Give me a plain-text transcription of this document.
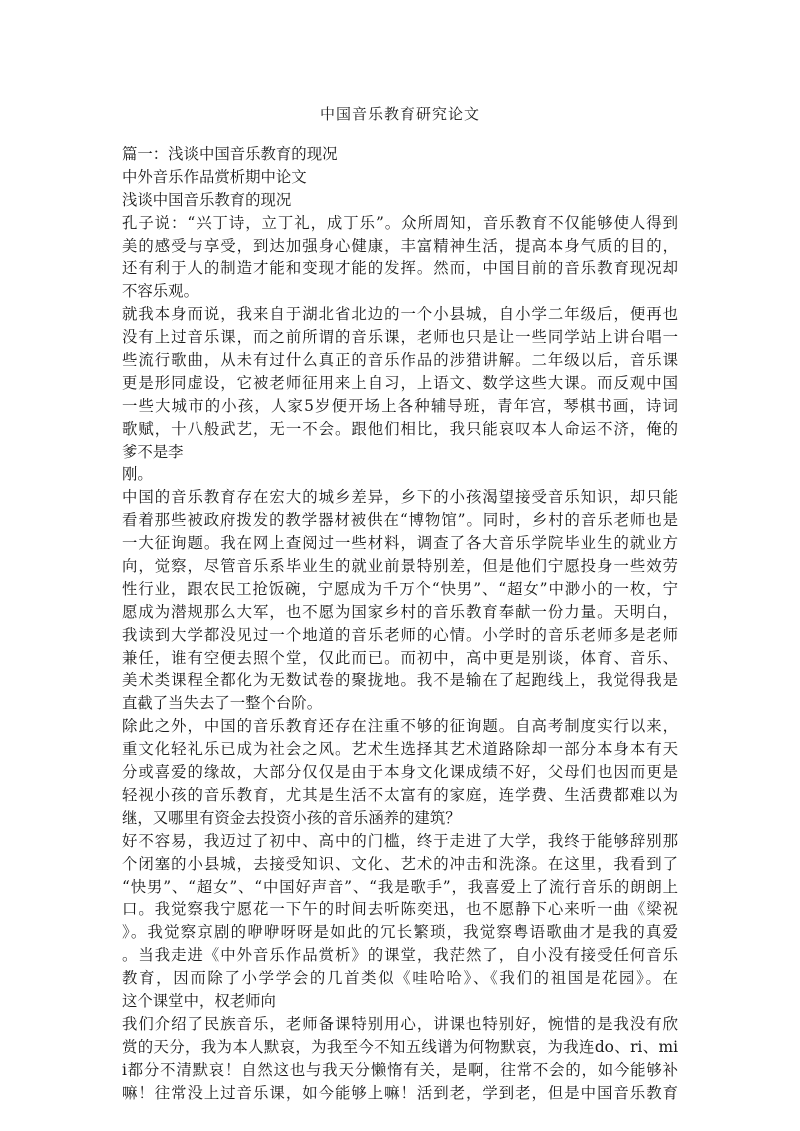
中国音乐教育研究论文
篇一：浅谈中国音乐教育的现况
中外音乐作品赏析期中论文
浅谈中国音乐教育的现况
孔子说：“兴丁诗，立丁礼，成丁乐”。众所周知，音乐教育不仅能够使人得到
美的感受与享受，到达加强身心健康，丰富精神生活，提高本身气质的目的，
还有利于人的制造才能和变现才能的发挥。然而，中国目前的音乐教育现况却
不容乐观。
就我本身而说，我来自于湖北省北边的一个小县城，自小学二年级后，便再也
没有上过音乐课，而之前所谓的音乐课，老师也只是让一些同学站上讲台唱一
些流行歌曲，从未有过什么真正的音乐作品的涉猎讲解。二年级以后，音乐课
更是形同虚设，它被老师征用来上自习，上语文、数学这些大课。而反观中国
一些大城市的小孩，人家5岁便开场上各种辅导班，青年宫，琴棋书画，诗词
歌赋，十八般武艺，无一不会。跟他们相比，我只能哀叹本人命运不济，俺的
爹不是李
刚。
中国的音乐教育存在宏大的城乡差异，乡下的小孩渴望接受音乐知识，却只能
看着那些被政府拨发的教学器材被供在“博物馆”。同时，乡村的音乐老师也是
一大征询题。我在网上查阅过一些材料，调查了各大音乐学院毕业生的就业方
向，觉察，尽管音乐系毕业生的就业前景特别差，但是他们宁愿投身一些效劳
性行业，跟农民工抢饭碗，宁愿成为千万个“快男”、“超女”中渺小的一枚，宁
愿成为潜规那么大军，也不愿为国家乡村的音乐教育奉献一份力量。天明白，
我读到大学都没见过一个地道的音乐老师的心情。小学时的音乐老师多是老师
兼任，谁有空便去照个堂，仅此而已。而初中，高中更是别谈，体育、音乐、
美术类课程全都化为无数试卷的聚拢地。我不是输在了起跑线上，我觉得我是
直截了当失去了一整个台阶。
除此之外，中国的音乐教育还存在注重不够的征询题。自高考制度实行以来，
重文化轻礼乐已成为社会之风。艺术生选择其艺术道路除却一部分本身本有天
分或喜爱的缘故，大部分仅仅是由于本身文化课成绩不好，父母们也因而更是
轻视小孩的音乐教育，尤其是生活不太富有的家庭，连学费、生活费都难以为
继，又哪里有资金去投资小孩的音乐涵养的建筑？
好不容易，我迈过了初中、高中的门槛，终于走进了大学，我终于能够辞别那
个闭塞的小县城，去接受知识、文化、艺术的冲击和洗涤。在这里，我看到了
“快男”、“超女”、“中国好声音”、“我是歌手”，我喜爱上了流行音乐的朗朗上
口。我觉察我宁愿花一下午的时间去听陈奕迅，也不愿静下心来听一曲《梁祝
》。我觉察京剧的咿咿呀呀是如此的冗长繁琐，我觉察粤语歌曲才是我的真爱
。当我走进《中外音乐作品赏析》的课堂，我茫然了，自小没有接受任何音乐
教育，因而除了小学学会的几首类似《哇哈哈》、《我们的祖国是花园》。在
这个课堂中，权老师向
我们介绍了民族音乐，老师备课特别用心，讲课也特别好，惋惜的是我没有欣
赏的天分，我为本人默哀，为我至今不知五线谱为何物默哀，为我连do、ri、mi
i都分不清默哀！自然这也与我天分懒惰有关，是啊，往常不会的，如今能够补
嘛！往常没上过音乐课，如今能够上嘛！活到老，学到老，但是中国音乐教育
